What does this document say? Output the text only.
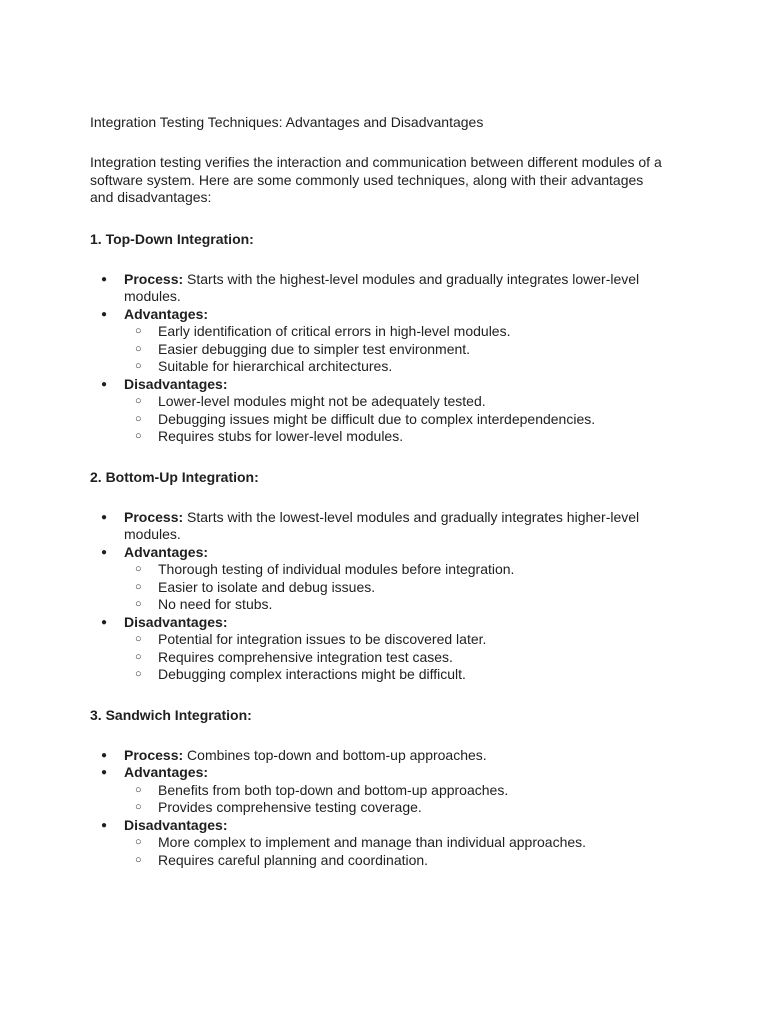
Integration Testing Techniques: Advantages and Disadvantages

Integration testing verifies the interaction and communication between different modules of a software system. Here are some commonly used techniques, along with their advantages and disadvantages:

1. Top-Down Integration:

● Process: Starts with the highest-level modules and gradually integrates lower-level modules.
● Advantages:
○ Early identification of critical errors in high-level modules.
○ Easier debugging due to simpler test environment.
○ Suitable for hierarchical architectures.
● Disadvantages:
○ Lower-level modules might not be adequately tested.
○ Debugging issues might be difficult due to complex interdependencies.
○ Requires stubs for lower-level modules.

2. Bottom-Up Integration:

● Process: Starts with the lowest-level modules and gradually integrates higher-level modules.
● Advantages:
○ Thorough testing of individual modules before integration.
○ Easier to isolate and debug issues.
○ No need for stubs.
● Disadvantages:
○ Potential for integration issues to be discovered later.
○ Requires comprehensive integration test cases.
○ Debugging complex interactions might be difficult.

3. Sandwich Integration:

● Process: Combines top-down and bottom-up approaches.
● Advantages:
○ Benefits from both top-down and bottom-up approaches.
○ Provides comprehensive testing coverage.
● Disadvantages:
○ More complex to implement and manage than individual approaches.
○ Requires careful planning and coordination.
